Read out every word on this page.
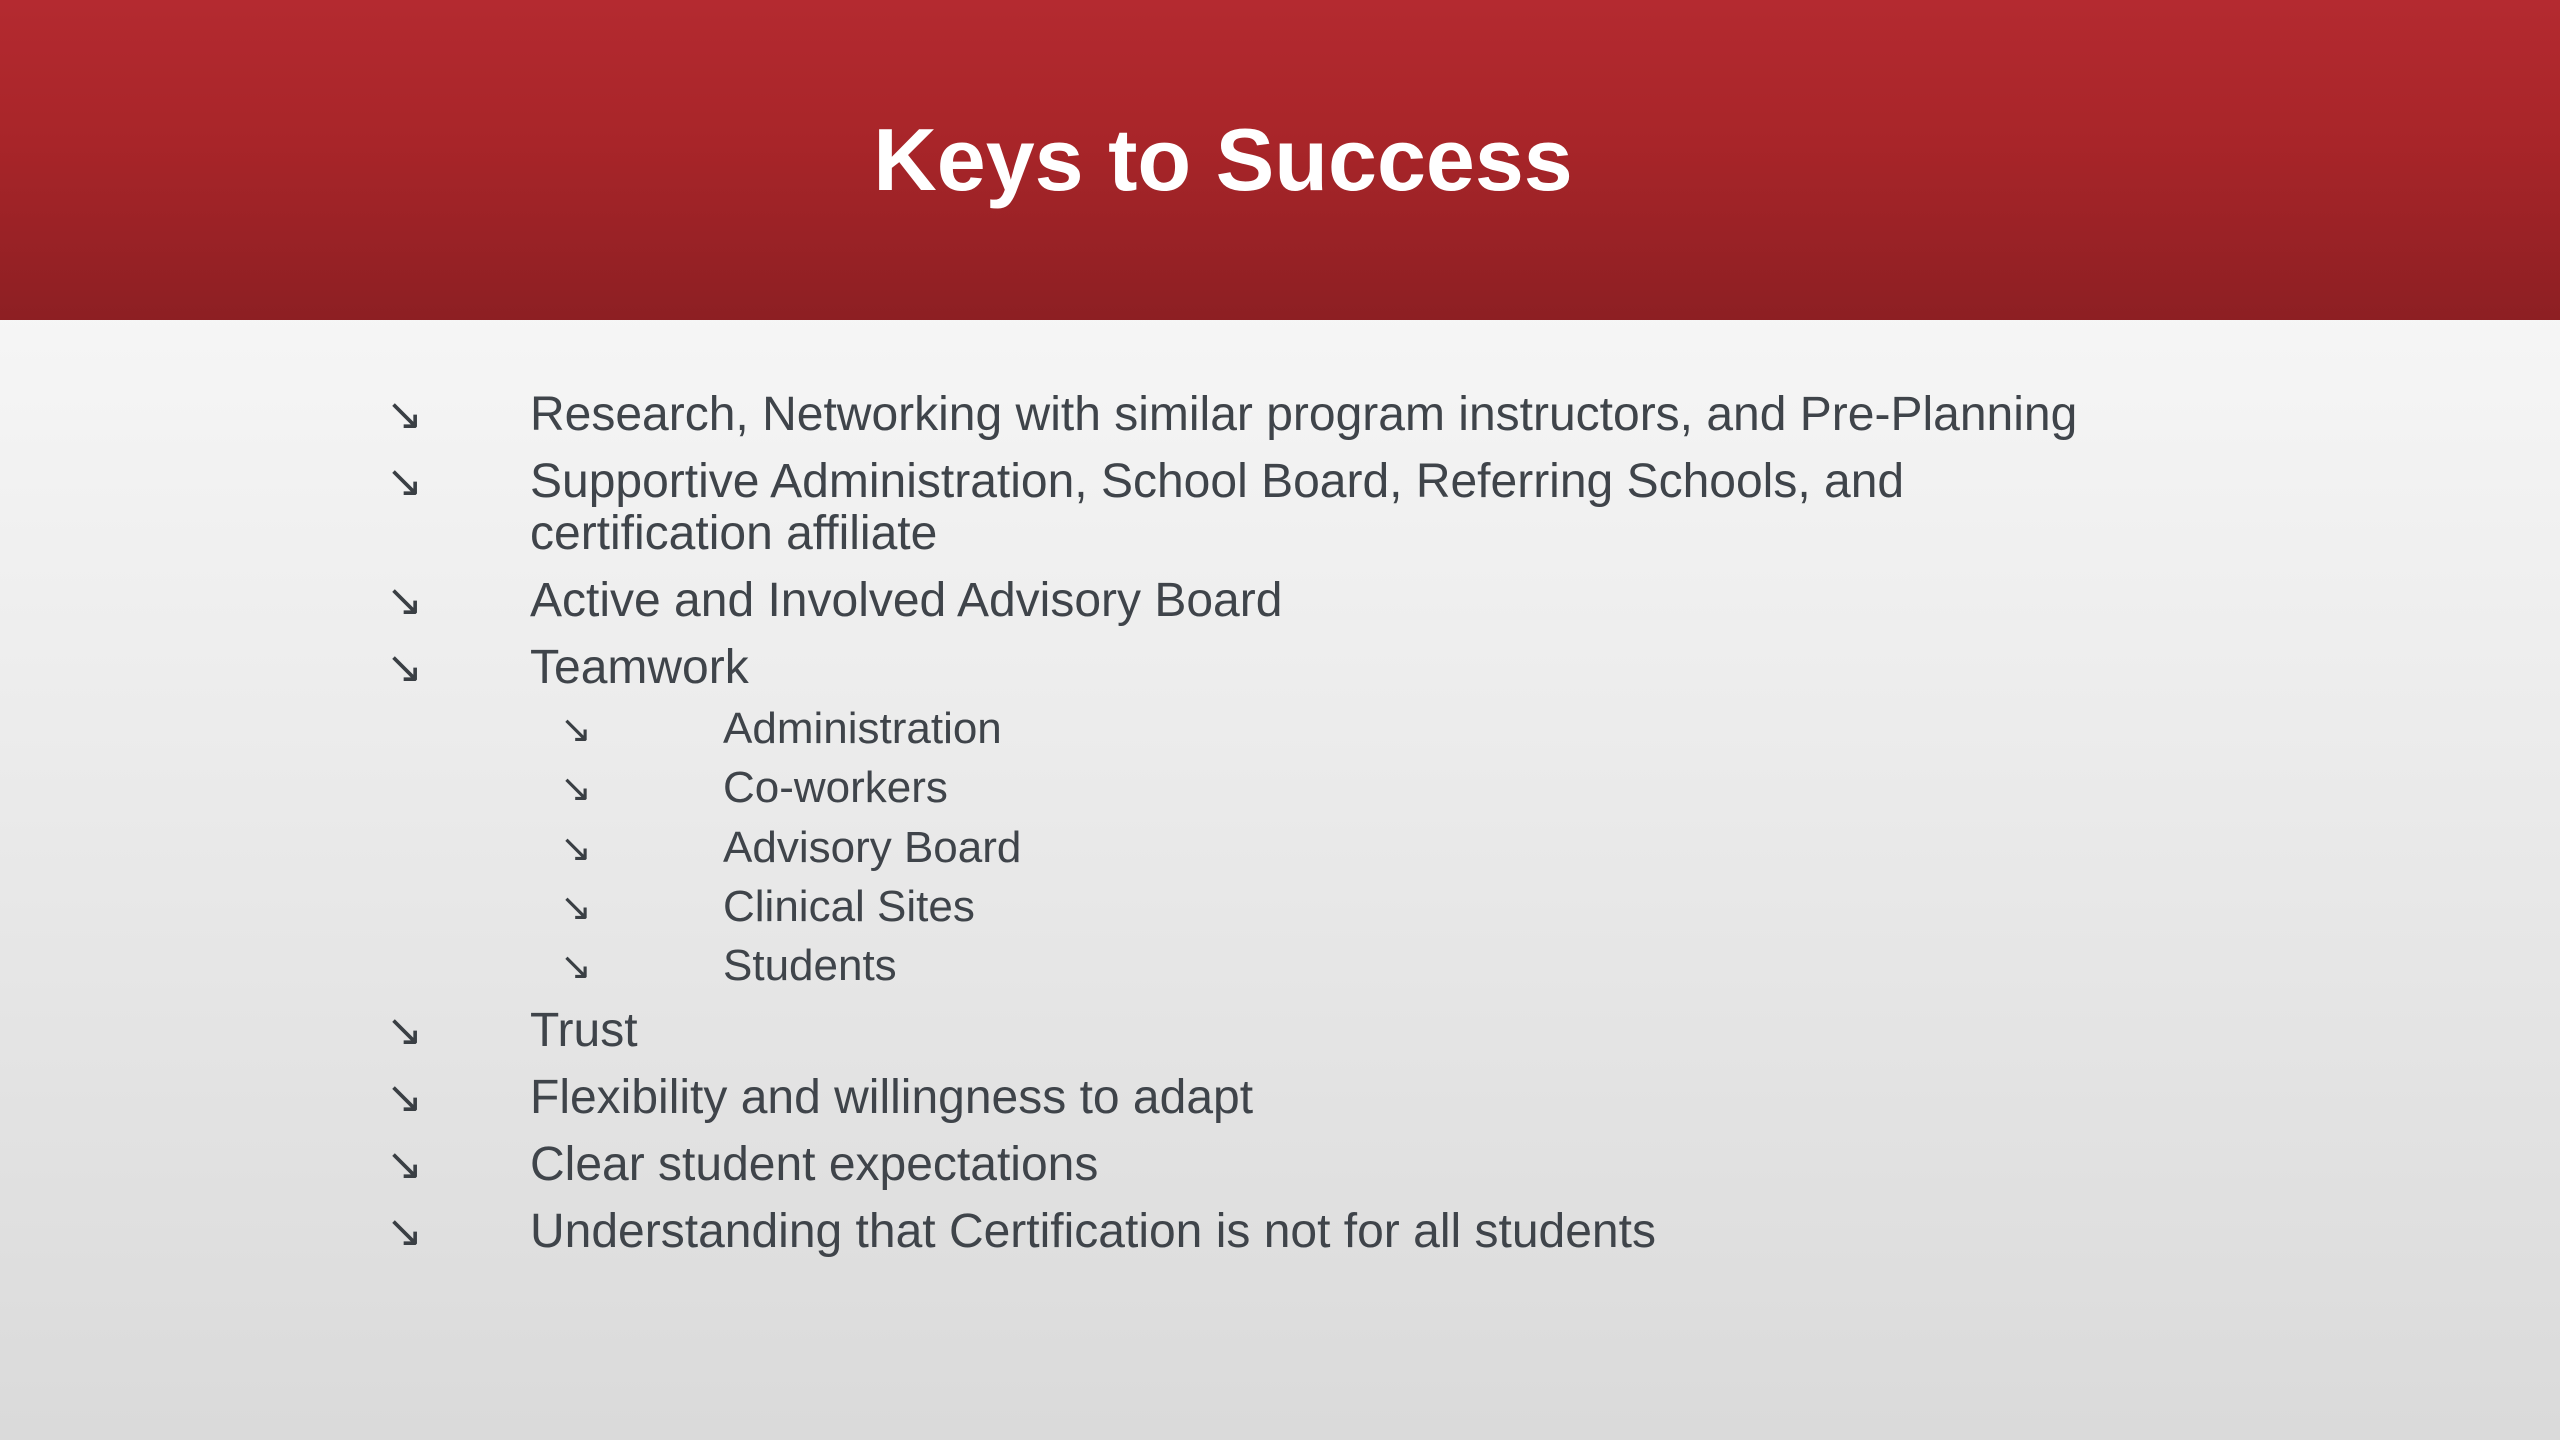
Keys to Success
↘ Research, Networking with similar program instructors, and Pre-Planning
↘ Supportive Administration, School Board, Referring Schools, and
certification affiliate
↘ Active and Involved Advisory Board
↘ Teamwork
↘	Administration
↘	Co-workers
↘	Advisory Board
↘	Clinical Sites
↘	Students
↘ Trust
↘ Flexibility and willingness to adapt
↘ Clear student expectations
↘ Understanding that Certification is not for all students
